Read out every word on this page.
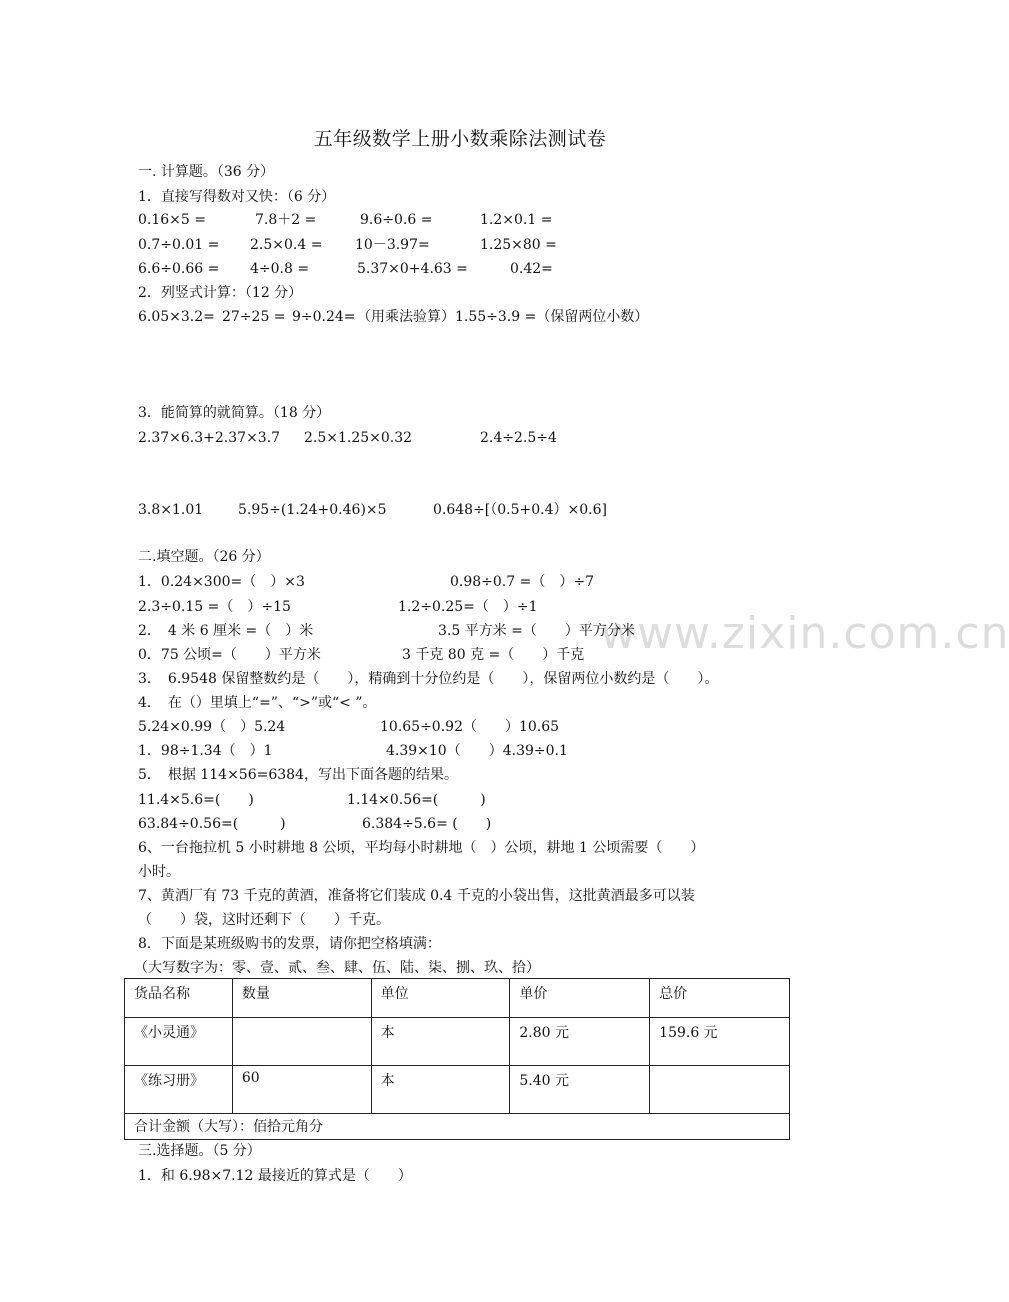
www.zixin.com.cn
五年级数学上册小数乘除法测试卷
一. 计算题。（36 分）
1．直接写得数对又快：（6 分）
0.16×5 =	7.8＋2 =	9.6÷0.6 =	1.2×0.1 =
0.7÷0.01 = 2.5×0.4 = 10－3.97=	1.25×80 =
6.6÷0.66 = 4÷0.8 =	5.37×0+4.63 =	0.42=
2．列竖式计算：（12 分）
6.05×3.2= 27÷25 = 9÷0.24= （用乘法验算）1.55÷3.9 =（保留两位小数）
3．能简算的就简算。（18 分）
2.37×6.3+2.37×3.7 2.5×1.25×0.32	2.4÷2.5÷4
3.8×1.01 5.95÷(1.24+0.46)×5	0.648÷[（0.5+0.4）×0.6]
二.填空题。（26 分）
1．0.24×300=（　）×3	0.98÷0.7 =（　）÷7
2.3÷0.15 =（　）÷15	1.2÷0.25=（　）÷1
2．　4 米 6 厘米 =（　）米	3.5 平方米 =（　　）平方分米
0．75 公顷=（　　）平方米	3 千克 80 克 =（　　）千克
3．　6.9548 保留整数约是（　　），精确到十分位约是（　　），保留两位小数约是（　　）。
4．　在（）里填上“=”、“>”或“< ”。
5.24×0.99（　）5.24	10.65÷0.92（　　）10.65
1．98÷1.34（　）1	4.39×10（　　）4.39÷0.1
5．　根据 114×56=6384，写出下面各题的结果。
11.4×5.6=(　　)	1.14×0.56=(　　　)
63.84÷0.56=(　　　)	6.384÷5.6= (　　)
6、一台拖拉机 5 小时耕地 8 公顷，平均每小时耕地（　）公顷，耕地 1 公顷需要（　　）
小时。
7、黄酒厂有 73 千克的黄酒，准备将它们装成 0.4 千克的小袋出售，这批黄酒最多可以装
（　　）袋，这时还剩下（　　）千克。
8．下面是某班级购书的发票，请你把空格填满：
（大写数字为：零、壹、贰、叁、肆、伍、陆、柒、捌、玖、拾）
货品名称	数量	单位	单价	总价
《小灵通》		本	2.80 元	159.6 元
《练习册》	60	本	5.40 元	
合计金额（大写）：佰拾元角分				
三.选择题。（5 分）
1．和 6.98×7.12 最接近的算式是（　　）
